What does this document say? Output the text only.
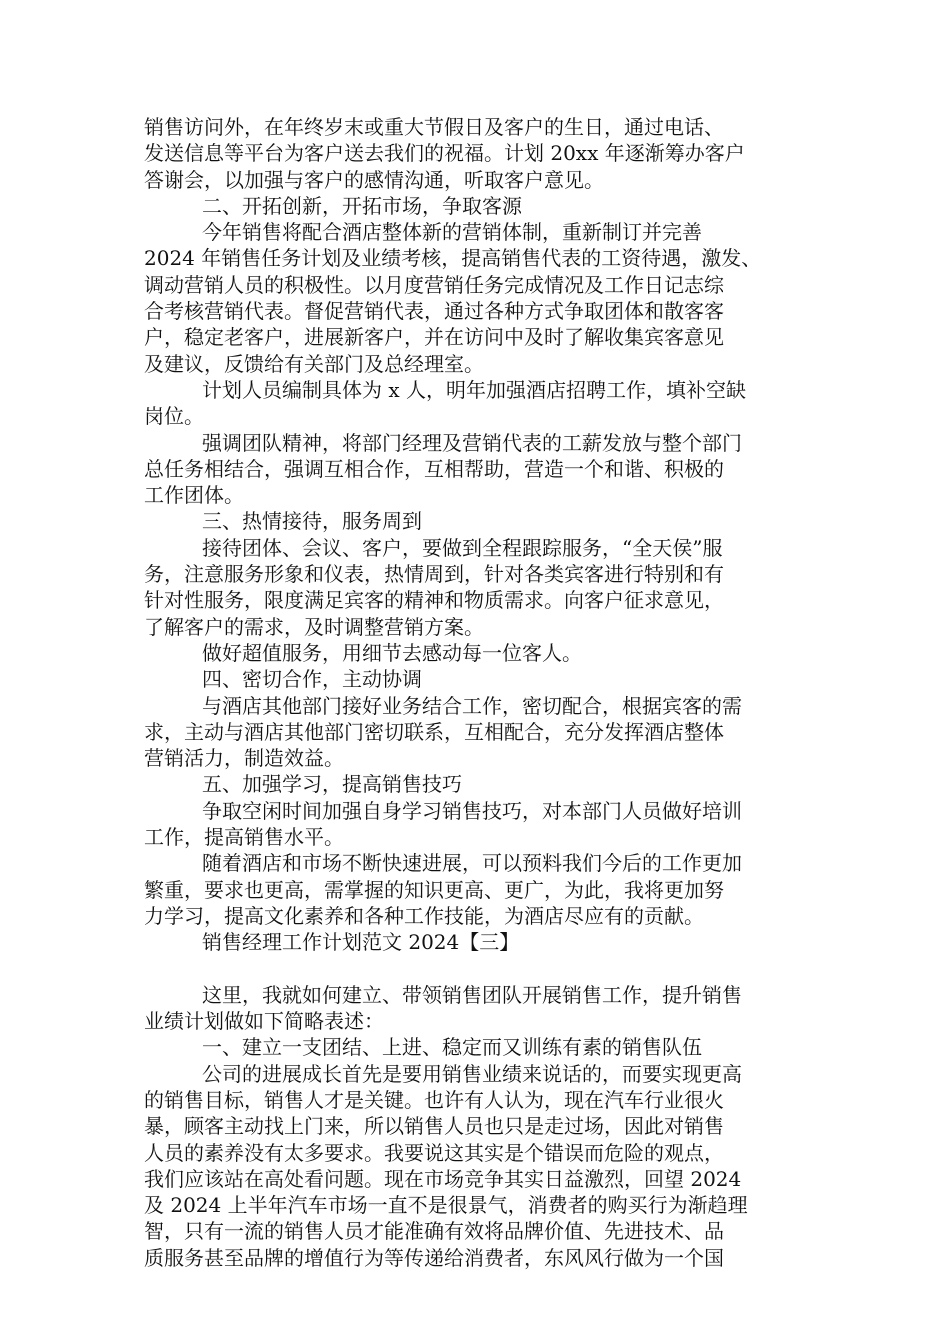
销售访问外，在年终岁末或重大节假日及客户的生日，通过电话、
发送信息等平台为客户送去我们的祝福。计划 20xx 年逐渐筹办客户
答谢会，以加强与客户的感情沟通，听取客户意见。
二、开拓创新，开拓市场，争取客源
今年销售将配合酒店整体新的营销体制，重新制订并完善
2024 年销售任务计划及业绩考核，提高销售代表的工资待遇，激发、
调动营销人员的积极性。以月度营销任务完成情况及工作日记志综
合考核营销代表。督促营销代表，通过各种方式争取团体和散客客
户，稳定老客户，进展新客户，并在访问中及时了解收集宾客意见
及建议，反馈给有关部门及总经理室。
计划人员编制具体为 x 人，明年加强酒店招聘工作，填补空缺
岗位。
强调团队精神，将部门经理及营销代表的工薪发放与整个部门
总任务相结合，强调互相合作，互相帮助，营造一个和谐、积极的
工作团体。
三、热情接待，服务周到
接待团体、会议、客户，要做到全程跟踪服务，“全天侯”服
务，注意服务形象和仪表，热情周到，针对各类宾客进行特别和有
针对性服务，限度满足宾客的精神和物质需求。向客户征求意见，
了解客户的需求，及时调整营销方案。
做好超值服务，用细节去感动每一位客人。
四、密切合作，主动协调
与酒店其他部门接好业务结合工作，密切配合，根据宾客的需
求，主动与酒店其他部门密切联系，互相配合，充分发挥酒店整体
营销活力，制造效益。
五、加强学习，提高销售技巧
争取空闲时间加强自身学习销售技巧，对本部门人员做好培训
工作，提高销售水平。
随着酒店和市场不断快速进展，可以预料我们今后的工作更加
繁重，要求也更高，需掌握的知识更高、更广，为此，我将更加努
力学习，提高文化素养和各种工作技能，为酒店尽应有的贡献。
销售经理工作计划范文 2024【三】
这里，我就如何建立、带领销售团队开展销售工作，提升销售
业绩计划做如下简略表述：
一、建立一支团结、上进、稳定而又训练有素的销售队伍
公司的进展成长首先是要用销售业绩来说话的，而要实现更高
的销售目标，销售人才是关键。也许有人认为，现在汽车行业很火
暴，顾客主动找上门来，所以销售人员也只是走过场，因此对销售
人员的素养没有太多要求。我要说这其实是个错误而危险的观点，
我们应该站在高处看问题。现在市场竞争其实日益激烈，回望 2024
及 2024 上半年汽车市场一直不是很景气，消费者的购买行为渐趋理
智，只有一流的销售人员才能准确有效将品牌价值、先进技术、品
质服务甚至品牌的增值行为等传递给消费者，东风风行做为一个国
